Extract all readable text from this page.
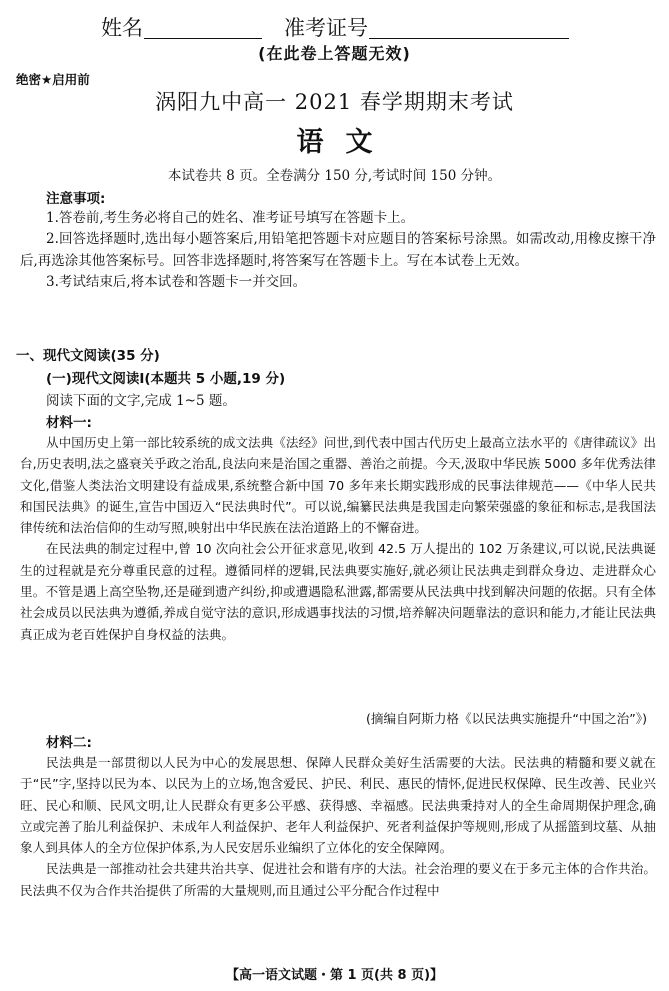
姓名	准考证号
(在此卷上答题无效)
绝密★启用前
涡阳九中高一 2021 春学期期末考试
语文
本试卷共 8 页。全卷满分 150 分,考试时间 150 分钟。
注意事项:

1.答卷前,考生务必将自己的姓名、准考证号填写在答题卡上。

2.回答选择题时,选出每小题答案后,用铅笔把答题卡对应题目的答案标号涂黑。如需改动,用橡皮擦干净后,再选涂其他答案标号。回答非选择题时,将答案写在答题卡上。写在本试卷上无效。

3.考试结束后,将本试卷和答题卡一并交回。

一、现代文阅读(35 分)
(一)现代文阅读Ⅰ(本题共 5 小题,19 分)
阅读下面的文字,完成 1~5 题。
材料一:

从中国历史上第一部比较系统的成文法典《法经》问世,到代表中国古代历史上最高立法水平的《唐律疏议》出台,历史表明,法之盛衰关乎政之治乱,良法向来是治国之重器、善治之前提。今天,汲取中华民族 5000 多年优秀法律文化,借鉴人类法治文明建设有益成果,系统整合新中国 70 多年来长期实践形成的民事法律规范——《中华人民共和国民法典》的诞生,宣告中国迈入“民法典时代”。可以说,编纂民法典是我国走向繁荣强盛的象征和标志,是我国法律传统和法治信仰的生动写照,映射出中华民族在法治道路上的不懈奋进。

在民法典的制定过程中,曾 10 次向社会公开征求意见,收到 42.5 万人提出的 102 万条建议,可以说,民法典诞生的过程就是充分尊重民意的过程。遵循同样的逻辑,民法典要实施好,就必须让民法典走到群众身边、走进群众心里。不管是遇上高空坠物,还是碰到遗产纠纷,抑或遭遇隐私泄露,都需要从民法典中找到解决问题的依据。只有全体社会成员以民法典为遵循,养成自觉守法的意识,形成遇事找法的习惯,培养解决问题靠法的意识和能力,才能让民法典真正成为老百姓保护自身权益的法典。

(摘编自阿斯力格《以民法典实施提升“中国之治”》)
材料二:

民法典是一部贯彻以人民为中心的发展思想、保障人民群众美好生活需要的大法。民法典的精髓和要义就在于“民”字,坚持以民为本、以民为上的立场,饱含爱民、护民、利民、惠民的情怀,促进民权保障、民生改善、民业兴旺、民心和顺、民风文明,让人民群众有更多公平感、获得感、幸福感。民法典秉持对人的全生命周期保护理念,确立或完善了胎儿利益保护、未成年人利益保护、老年人利益保护、死者利益保护等规则,形成了从摇篮到坟墓、从抽象人到具体人的全方位保护体系,为人民安居乐业编织了立体化的安全保障网。

民法典是一部推动社会共建共治共享、促进社会和谐有序的大法。社会治理的要义在于多元主体的合作共治。民法典不仅为合作共治提供了所需的大量规则,而且通过公平分配合作过程中

【高一语文试题・第 1 页(共 8 页)】
